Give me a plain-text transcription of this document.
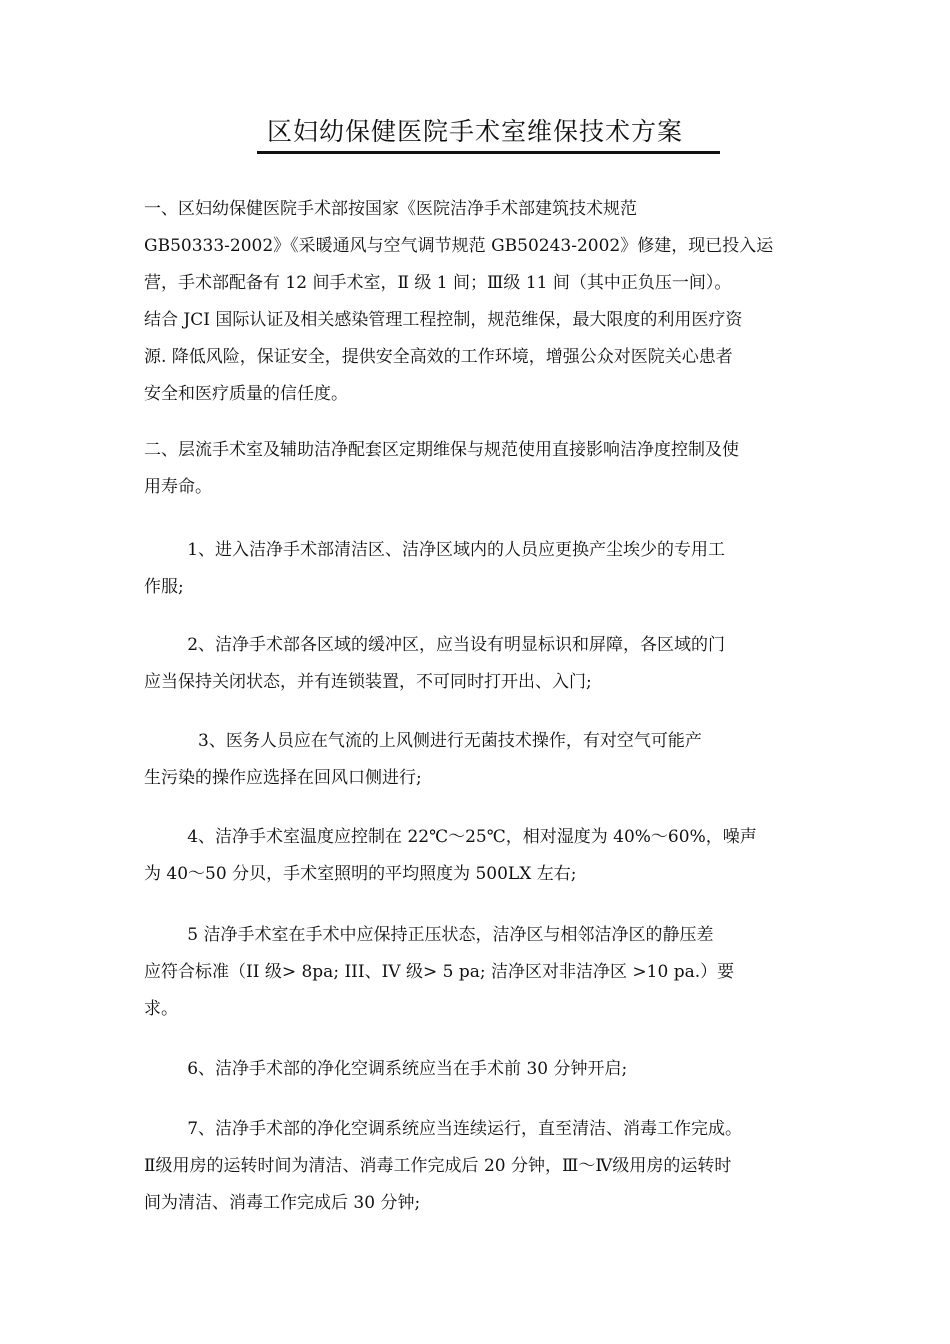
区妇幼保健医院手术室维保技术方案
一、区妇幼保健医院手术部按国家《医院洁净手术部建筑技术规范
GB50333-2002》《采暖通风与空气调节规范 GB50243-2002》修建，现已投入运
营，手术部配备有 12 间手术室，Ⅱ 级 1 间；Ⅲ级 11 间（其中正负压一间）。
结合 JCI 国际认证及相关感染管理工程控制，规范维保，最大限度的利用医疗资
源. 降低风险，保证安全，提供安全高效的工作环境，增强公众对医院关心患者
安全和医疗质量的信任度。
二、层流手术室及辅助洁净配套区定期维保与规范使用直接影响洁净度控制及使
用寿命。
1、进入洁净手术部清洁区、洁净区域内的人员应更换产尘埃少的专用工
作服;
2、洁净手术部各区域的缓冲区，应当设有明显标识和屏障，各区域的门
应当保持关闭状态，并有连锁装置，不可同时打开出、入门;
3、医务人员应在气流的上风侧进行无菌技术操作，有对空气可能产
生污染的操作应选择在回风口侧进行;
4、洁净手术室温度应控制在 22℃～25℃，相对湿度为 40%～60%，噪声
为 40～50 分贝，手术室照明的平均照度为 500LX 左右;
5 洁净手术室在手术中应保持正压状态，洁净区与相邻洁净区的静压差
应符合标准（II 级> 8pa; III、IV 级> 5 pa; 洁净区对非洁净区 >10 pa.）要
求。
6、洁净手术部的净化空调系统应当在手术前 30 分钟开启;
7、洁净手术部的净化空调系统应当连续运行，直至清洁、消毒工作完成。
Ⅱ级用房的运转时间为清洁、消毒工作完成后 20 分钟，Ⅲ～Ⅳ级用房的运转时
间为清洁、消毒工作完成后 30 分钟;
